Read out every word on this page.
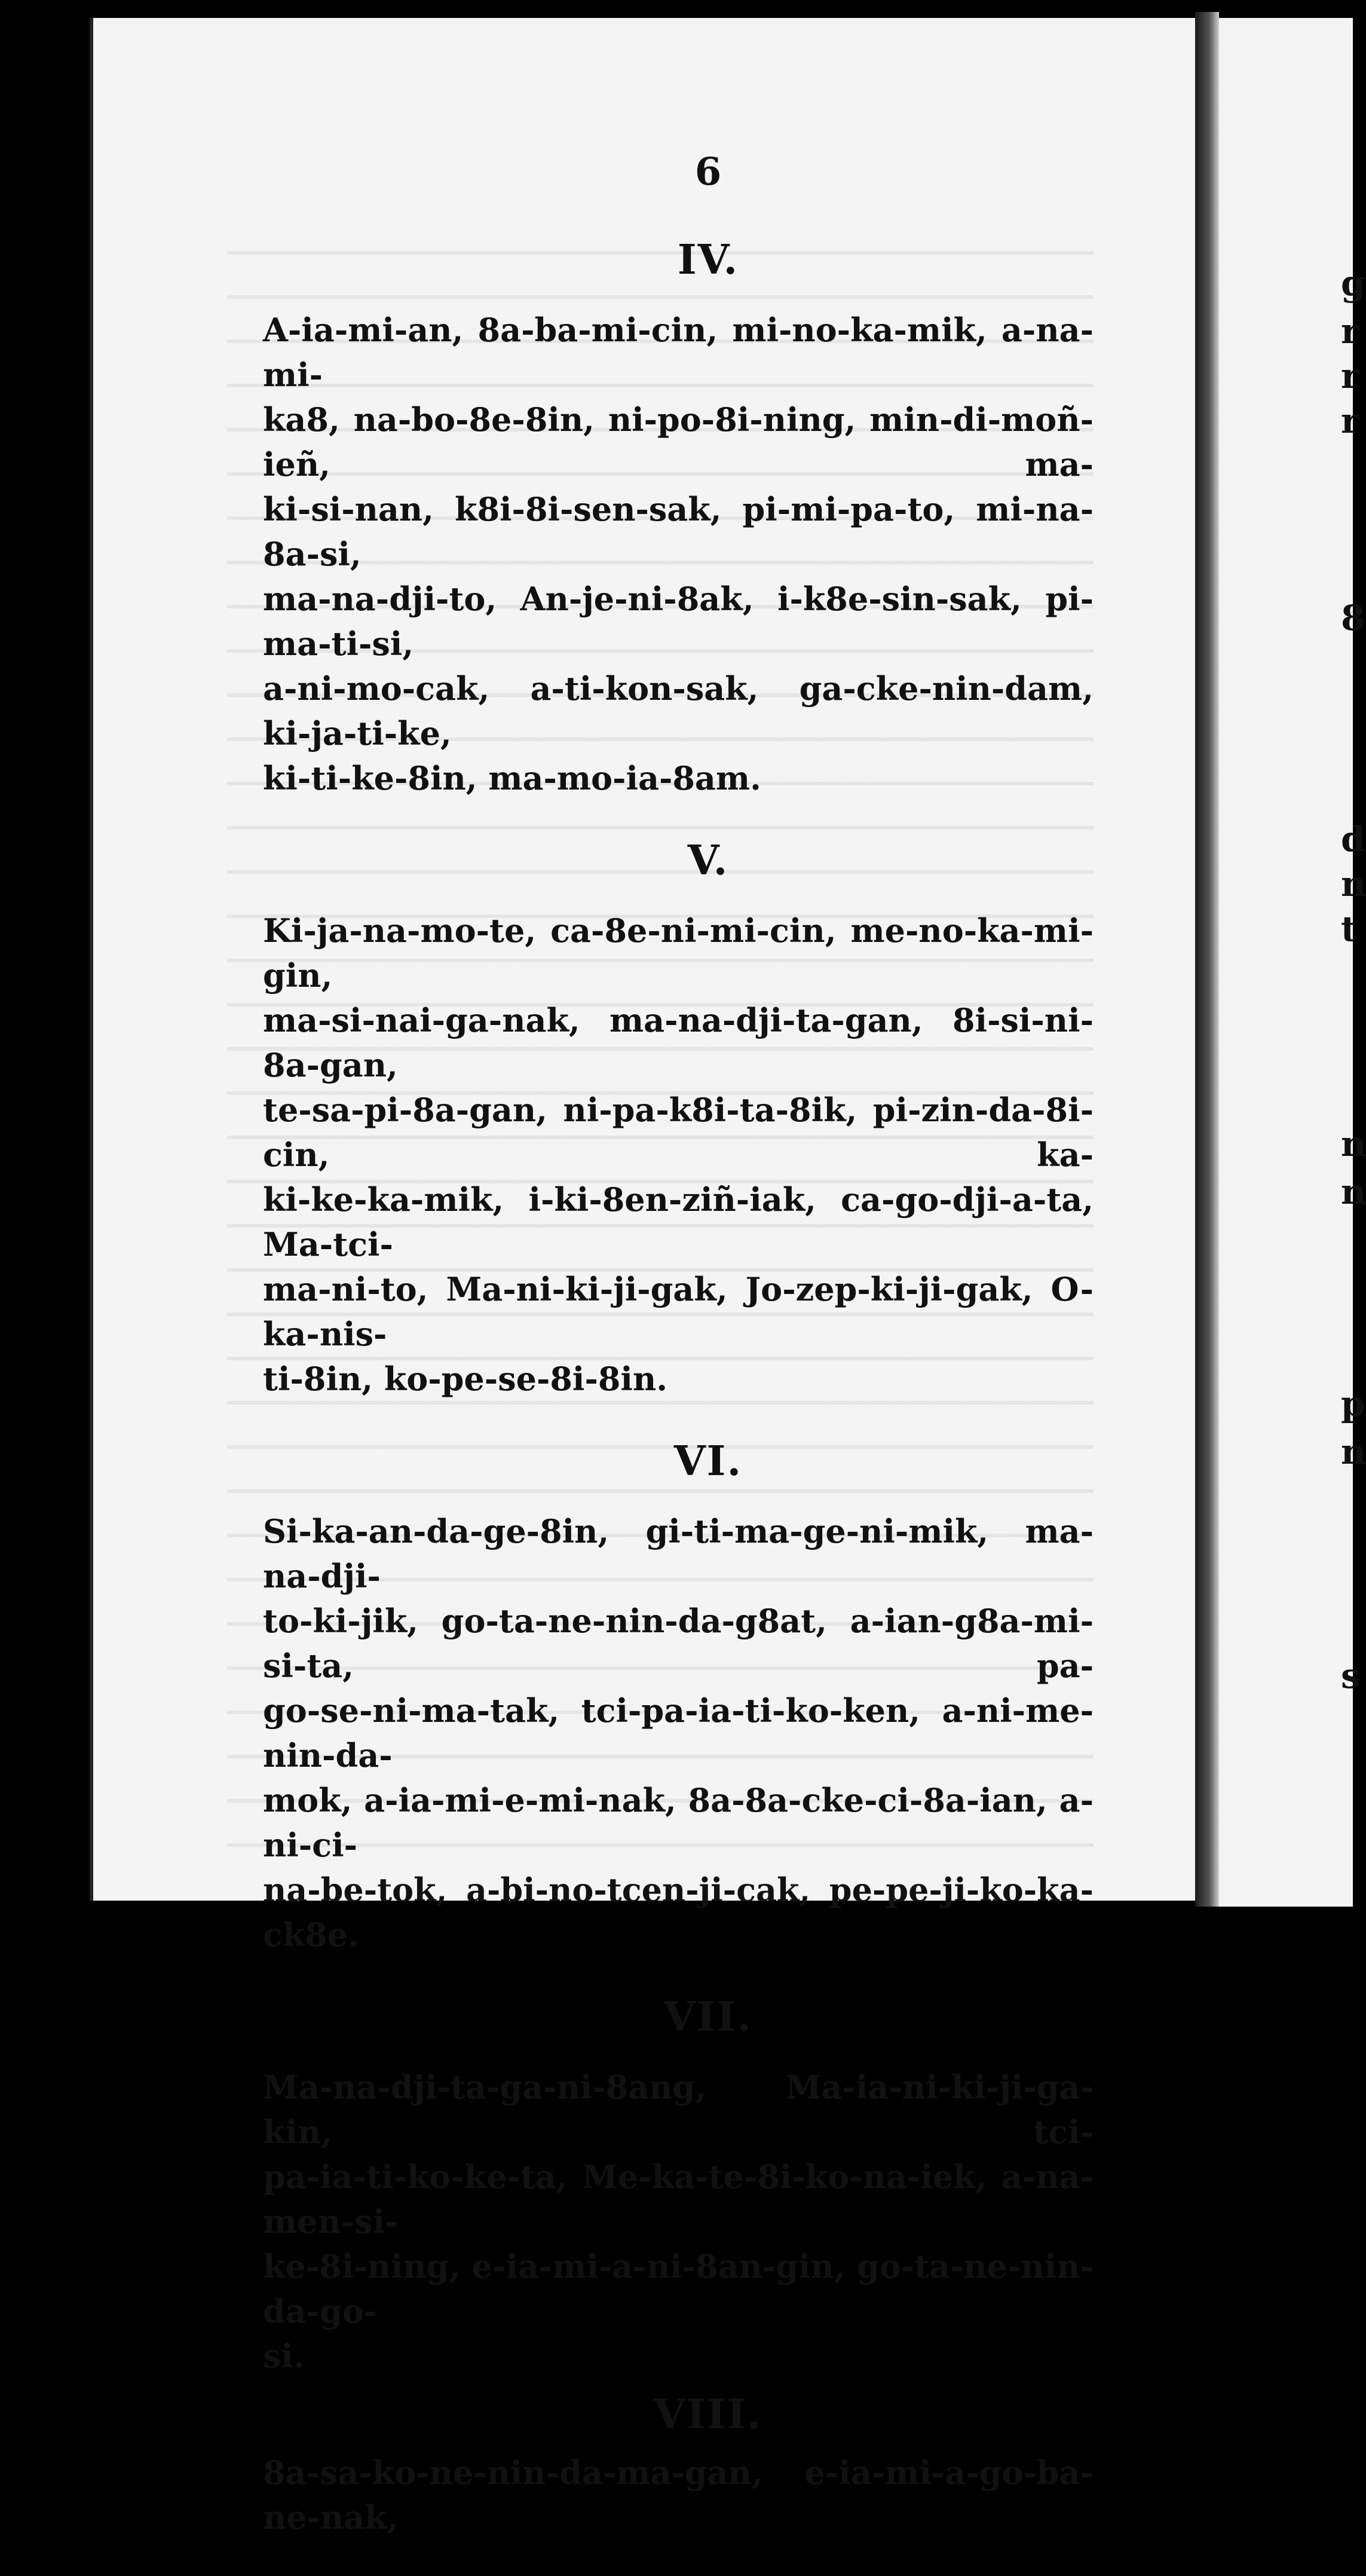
g
r
r
r
8
d
n
t
n
n
p
n
s
6
IV.
A-ia-mi-an, 8a-ba-mi-cin, mi-no-ka-mik, a-na-mi-
ka8, na-bo-8e-8in, ni-po-8i-ning, min-di-moñ-ieñ, ma-
ki-si-nan, k8i-8i-sen-sak, pi-mi-pa-to, mi-na-8a-si,
ma-na-dji-to, An-je-ni-8ak, i-k8e-sin-sak, pi-ma-ti-si,
a-ni-mo-cak, a-ti-kon-sak, ga-cke-nin-dam, ki-ja-ti-ke,
ki-ti-ke-8in, ma-mo-ia-8am.
V.
Ki-ja-na-mo-te, ca-8e-ni-mi-cin, me-no-ka-mi-gin,
ma-si-nai-ga-nak, ma-na-dji-ta-gan, 8i-si-ni-8a-gan,
te-sa-pi-8a-gan, ni-pa-k8i-ta-8ik, pi-zin-da-8i-cin, ka-
ki-ke-ka-mik, i-ki-8en-ziñ-iak, ca-go-dji-a-ta, Ma-tci-
ma-ni-to, Ma-ni-ki-ji-gak, Jo-zep-ki-ji-gak, O-ka-nis-
ti-8in, ko-pe-se-8i-8in.
VI.
Si-ka-an-da-ge-8in, gi-ti-ma-ge-ni-mik, ma-na-dji-
to-ki-jik, go-ta-ne-nin-da-g8at, a-ian-g8a-mi-si-ta, pa-
go-se-ni-ma-tak, tci-pa-ia-ti-ko-ken, a-ni-me-nin-da-
mok, a-ia-mi-e-mi-nak, 8a-8a-cke-ci-8a-ian, a-ni-ci-
na-be-tok, a-bi-no-tcen-ji-cak, pe-pe-ji-ko-ka-ck8e.
VII.
Ma-na-dji-ta-ga-ni-8ang, Ma-ia-ni-ki-ji-ga-kin, tci-
pa-ia-ti-ko-ke-ta, Me-ka-te-8i-ko-na-iek, a-na-men-si-
ke-8i-ning, e-ia-mi-a-ni-8an-gin, go-ta-ne-nin-da-go-
si.
VIII.
8a-sa-ko-ne-nin-da-ma-gan, e-ia-mi-a-go-ba-ne-nak,
